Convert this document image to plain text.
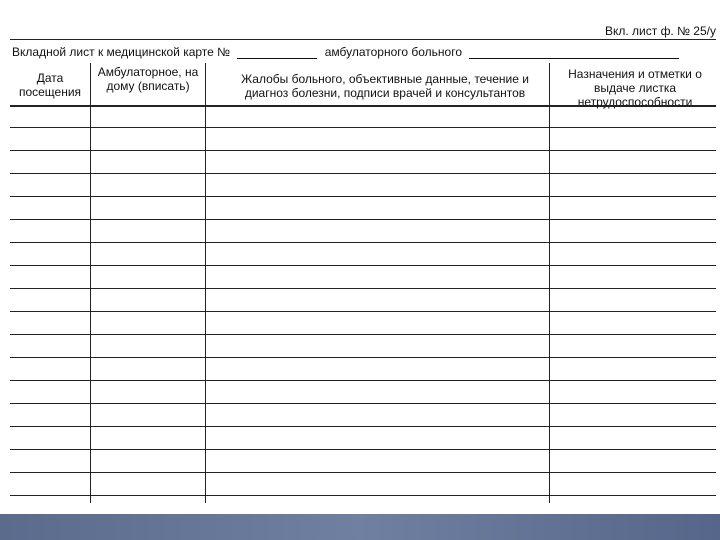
Вкл. лист ф. № 25/у
Вкладной лист к медицинской карте №	амбулаторного больного
Дата посещения
Амбулаторное, на дому (вписать)	Жалобы больного, объективные данные, течение и диагноз болезни, подписи врачей и консультантов
Назначения и отметки о выдаче листка нетрудоспособности
